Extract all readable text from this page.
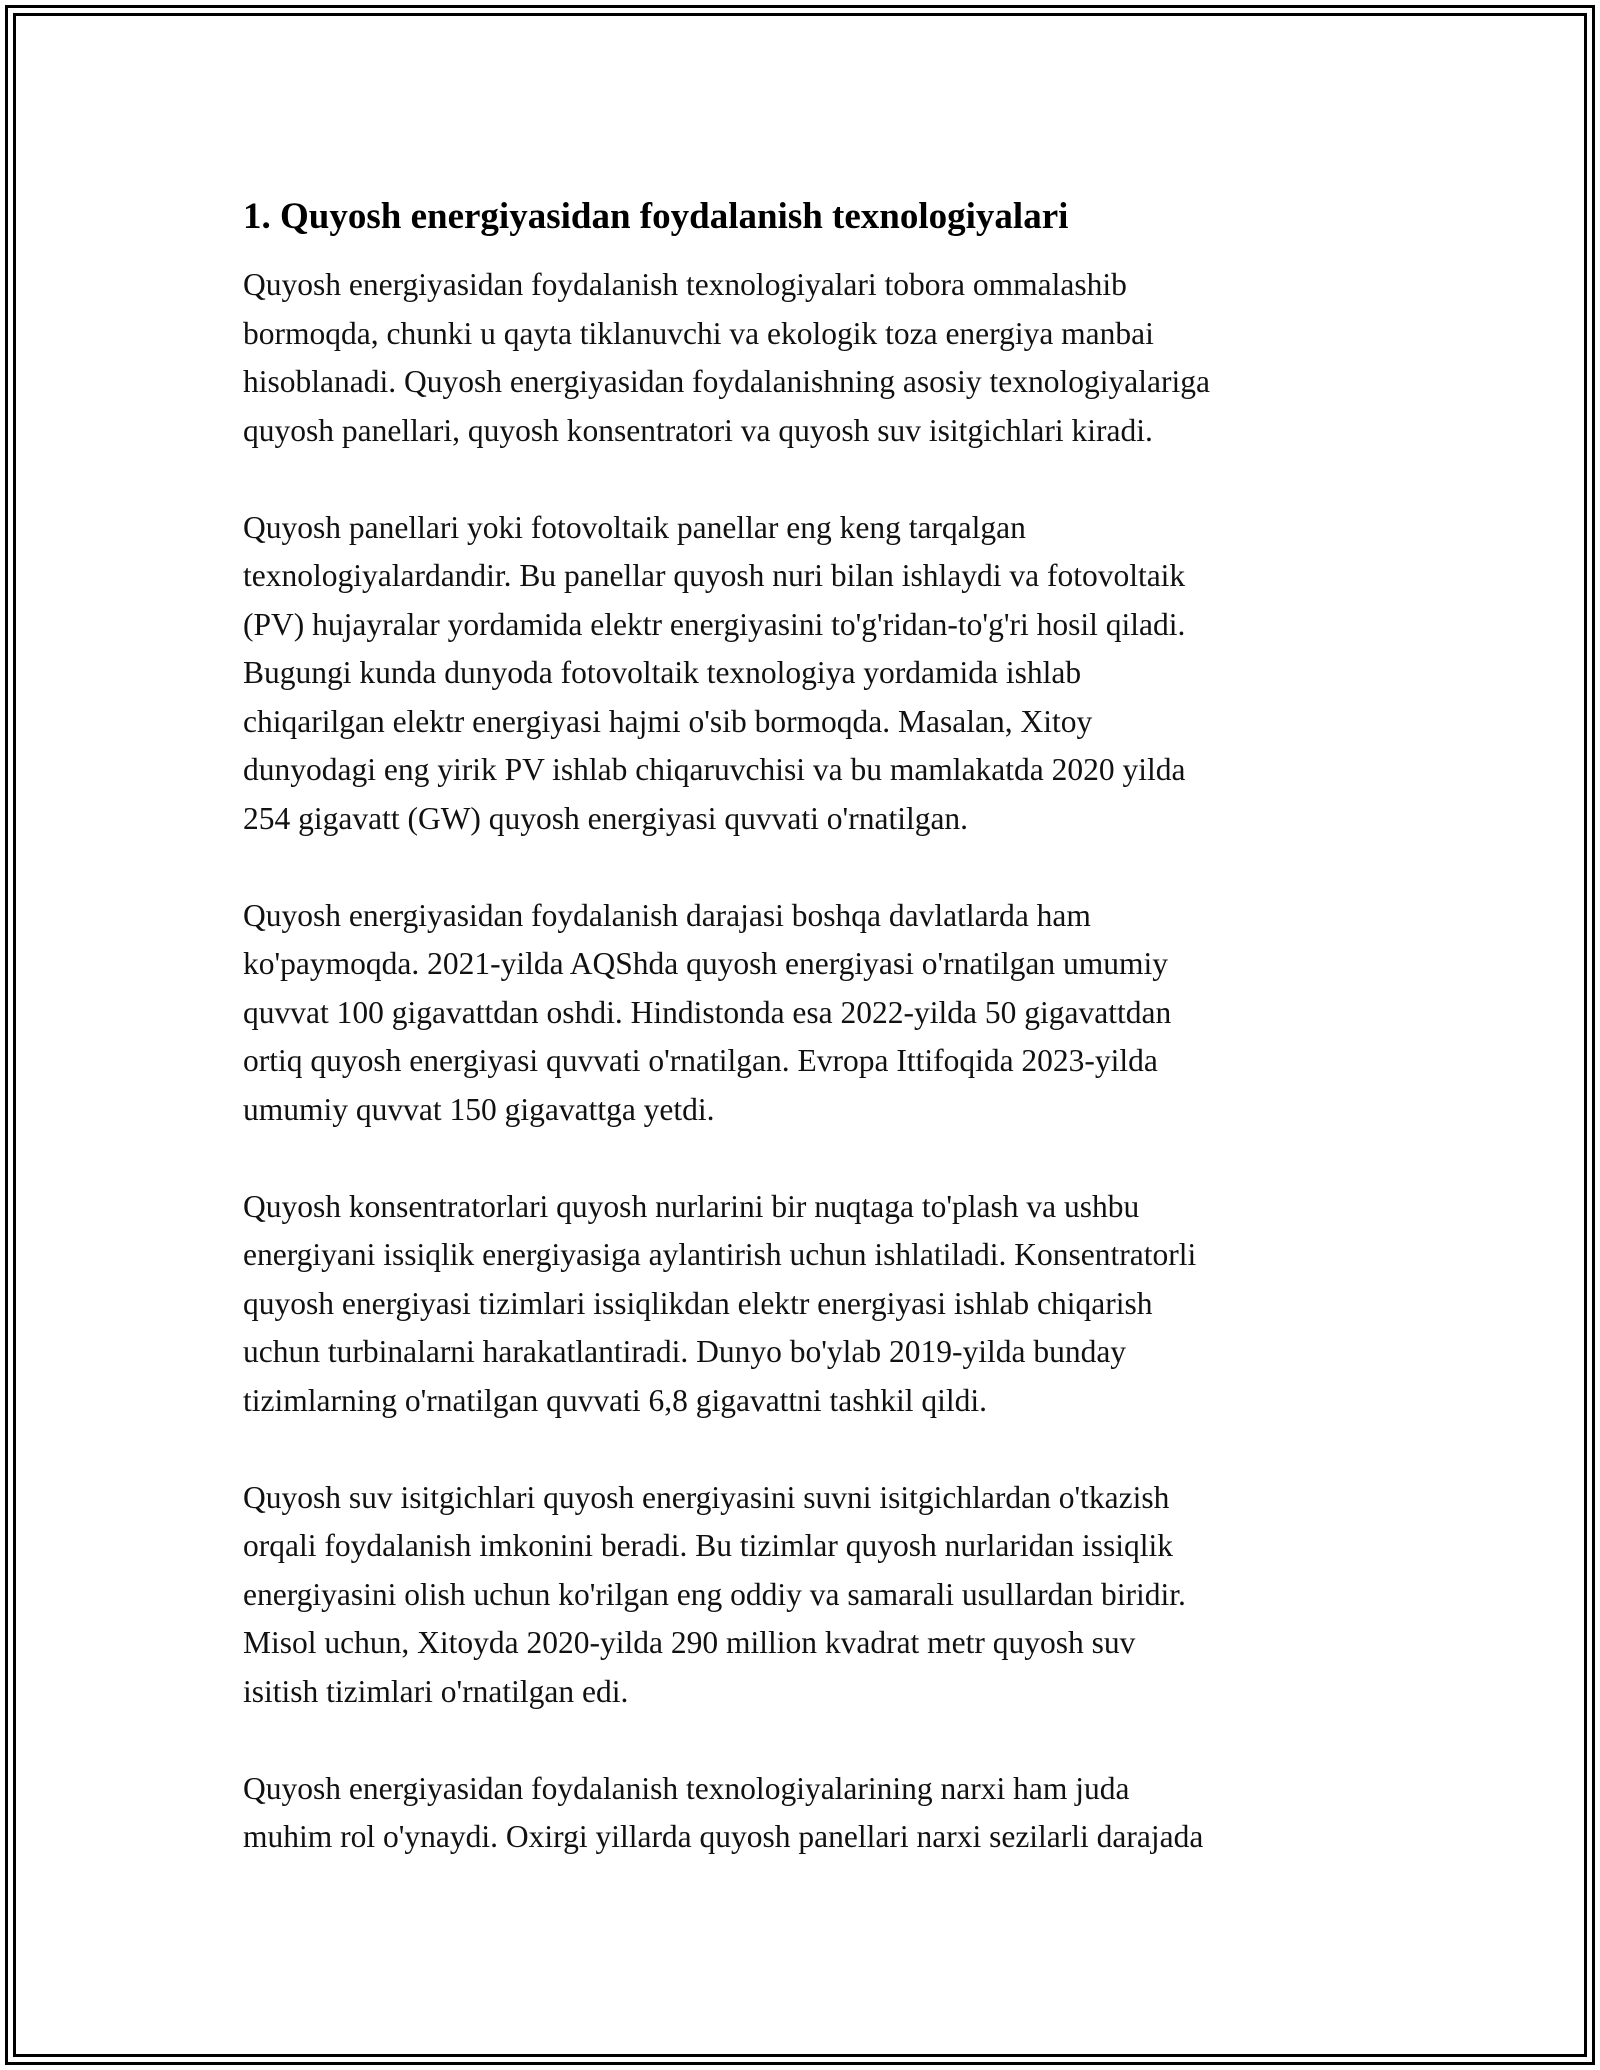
1. Quyosh energiyasidan foydalanish texnologiyalari

Quyosh energiyasidan foydalanish texnologiyalari tobora ommalashib
bormoqda, chunki u qayta tiklanuvchi va ekologik toza energiya manbai
hisoblanadi. Quyosh energiyasidan foydalanishning asosiy texnologiyalariga
quyosh panellari, quyosh konsentratori va quyosh suv isitgichlari kiradi.

Quyosh panellari yoki fotovoltaik panellar eng keng tarqalgan
texnologiyalardandir. Bu panellar quyosh nuri bilan ishlaydi va fotovoltaik
(PV) hujayralar yordamida elektr energiyasini to'g'ridan-to'g'ri hosil qiladi.
Bugungi kunda dunyoda fotovoltaik texnologiya yordamida ishlab
chiqarilgan elektr energiyasi hajmi o'sib bormoqda. Masalan, Xitoy
dunyodagi eng yirik PV ishlab chiqaruvchisi va bu mamlakatda 2020 yilda
254 gigavatt (GW) quyosh energiyasi quvvati o'rnatilgan.

Quyosh energiyasidan foydalanish darajasi boshqa davlatlarda ham
ko'paymoqda. 2021-yilda AQShda quyosh energiyasi o'rnatilgan umumiy
quvvat 100 gigavattdan oshdi. Hindistonda esa 2022-yilda 50 gigavattdan
ortiq quyosh energiyasi quvvati o'rnatilgan. Evropa Ittifoqida 2023-yilda
umumiy quvvat 150 gigavattga yetdi.

Quyosh konsentratorlari quyosh nurlarini bir nuqtaga to'plash va ushbu
energiyani issiqlik energiyasiga aylantirish uchun ishlatiladi. Konsentratorli
quyosh energiyasi tizimlari issiqlikdan elektr energiyasi ishlab chiqarish
uchun turbinalarni harakatlantiradi. Dunyo bo'ylab 2019-yilda bunday
tizimlarning o'rnatilgan quvvati 6,8 gigavattni tashkil qildi.

Quyosh suv isitgichlari quyosh energiyasini suvni isitgichlardan o'tkazish
orqali foydalanish imkonini beradi. Bu tizimlar quyosh nurlaridan issiqlik
energiyasini olish uchun ko'rilgan eng oddiy va samarali usullardan biridir.
Misol uchun, Xitoyda 2020-yilda 290 million kvadrat metr quyosh suv
isitish tizimlari o'rnatilgan edi.

Quyosh energiyasidan foydalanish texnologiyalarining narxi ham juda
muhim rol o'ynaydi. Oxirgi yillarda quyosh panellari narxi sezilarli darajada
